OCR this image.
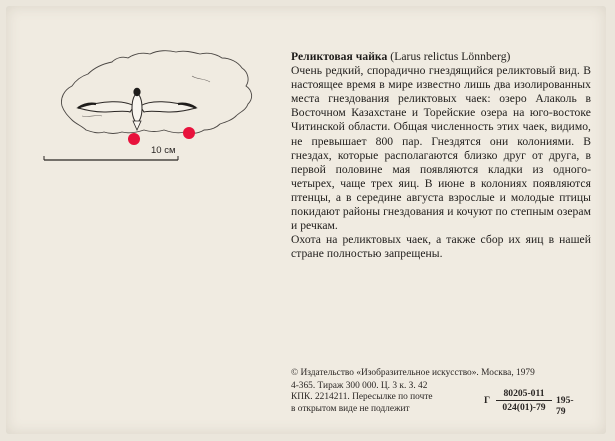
10 см

Реликтовая чайка (Larus relictus Lönnberg)

Очень редкий, спорадично гнездящийся реликтовый вид. В настоящее время в мире известно лишь два изолированных места гнездования реликтовых чаек: озеро Алаколь в Восточном Казахстане и Торейские озера на юго-востоке Читинской области. Общая численность этих чаек, видимо, не превышает 800 пар. Гнездятся они колониями. В гнездах, которые располагаются близко друг от друга, в первой половине мая появляются кладки из одного-четырех, чаще трех яиц. В июне в колониях появляются птенцы, а в середине августа взрослые и молодые птицы покидают районы гнездования и кочуют по степным озерам и речкам.

Охота на реликтовых чаек, а также сбор их яиц в нашей стране полностью запрещены.

© Издательство «Изобразительное искусство». Москва, 1979
4-365. Тираж 300 000. Ц. 3 к. З. 42
КПК. 2214211. Пересылке по почте
в открытом виде не подлежит
Г $\frac{80205-011}{024(01)-79} 195-79$
